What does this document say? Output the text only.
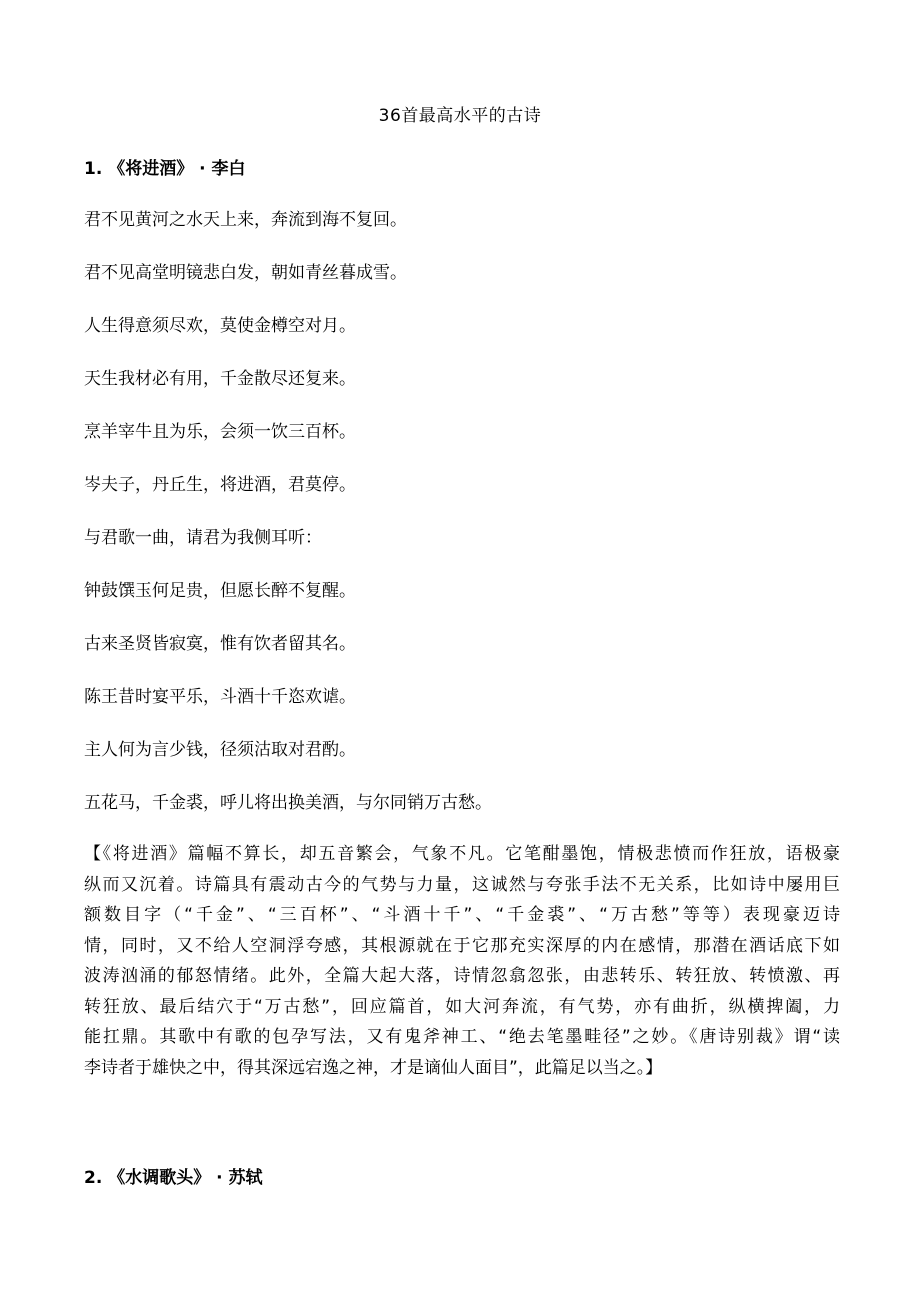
36首最高水平的古诗
1. 《将进酒》 · 李白
君不见黄河之水天上来，奔流到海不复回。
君不见高堂明镜悲白发，朝如青丝暮成雪。
人生得意须尽欢，莫使金樽空对月。
天生我材必有用，千金散尽还复来。
烹羊宰牛且为乐，会须一饮三百杯。
岑夫子，丹丘生，将进酒，君莫停。
与君歌一曲，请君为我侧耳听：
钟鼓馔玉何足贵，但愿长醉不复醒。
古来圣贤皆寂寞，惟有饮者留其名。
陈王昔时宴平乐，斗酒十千恣欢谑。
主人何为言少钱，径须沽取对君酌。
五花马，千金裘，呼儿将出换美酒，与尔同销万古愁。
【《将进酒》篇幅不算长，却五音繁会，气象不凡。它笔酣墨饱，情极悲愤而作狂放，语极豪
纵而又沉着。诗篇具有震动古今的气势与力量，这诚然与夸张手法不无关系，比如诗中屡用巨
额数目字（“千金”、“三百杯”、“斗酒十千”、“千金裘”、“万古愁”等等）表现豪迈诗
情，同时，又不给人空洞浮夸感，其根源就在于它那充实深厚的内在感情，那潜在酒话底下如
波涛汹涌的郁怒情绪。此外，全篇大起大落，诗情忽翕忽张，由悲转乐、转狂放、转愤激、再
转狂放、最后结穴于“万古愁”，回应篇首，如大河奔流，有气势，亦有曲折，纵横捭阖，力
能扛鼎。其歌中有歌的包孕写法，又有鬼斧神工、“绝去笔墨畦径”之妙。《唐诗别裁》谓“读
李诗者于雄快之中，得其深远宕逸之神，才是谪仙人面目”，此篇足以当之。】
2. 《水调歌头》 · 苏轼
